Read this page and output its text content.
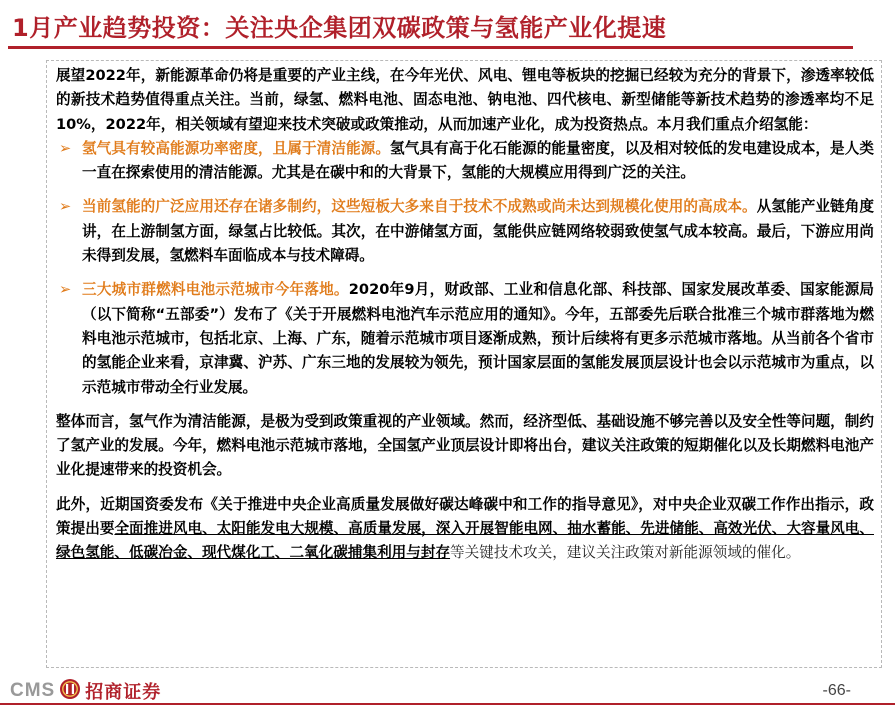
1月产业趋势投资：关注央企集团双碳政策与氢能产业化提速

展望2022年，新能源革命仍将是重要的产业主线，在今年光伏、风电、锂电等板块的挖掘已经较为充分的背景下，渗透率较低的新技术趋势值得重点关注。当前，绿氢、燃料电池、固态电池、钠电池、四代核电、新型储能等新技术趋势的渗透率均不足10%，2022年，相关领域有望迎来技术突破或政策推动，从而加速产业化，成为投资热点。本月我们重点介绍氢能：

➢ 氢气具有较高能源功率密度，且属于清洁能源。氢气具有高于化石能源的能量密度，以及相对较低的发电建设成本，是人类一直在探索使用的清洁能源。尤其是在碳中和的大背景下，氢能的大规模应用得到广泛的关注。
➢ 当前氢能的广泛应用还存在诸多制约，这些短板大多来自于技术不成熟或尚未达到规模化使用的高成本。从氢能产业链角度讲，在上游制氢方面，绿氢占比较低。其次，在中游储氢方面，氢能供应链网络较弱致使氢气成本较高。最后，下游应用尚未得到发展，氢燃料车面临成本与技术障碍。
➢ 三大城市群燃料电池示范城市今年落地。2020年9月，财政部、工业和信息化部、科技部、国家发展改革委、国家能源局（以下简称“五部委”）发布了《关于开展燃料电池汽车示范应用的通知》。今年，五部委先后联合批准三个城市群落地为燃料电池示范城市，包括北京、上海、广东，随着示范城市项目逐渐成熟，预计后续将有更多示范城市落地。从当前各个省市的氢能企业来看，京津冀、沪苏、广东三地的发展较为领先，预计国家层面的氢能发展顶层设计也会以示范城市为重点，以示范城市带动全行业发展。

整体而言，氢气作为清洁能源，是极为受到政策重视的产业领域。然而，经济型低、基础设施不够完善以及安全性等问题，制约了氢产业的发展。今年，燃料电池示范城市落地，全国氢产业顶层设计即将出台，建议关注政策的短期催化以及长期燃料电池产业化提速带来的投资机会。

此外，近期国资委发布《关于推进中央企业高质量发展做好碳达峰碳中和工作的指导意见》，对中央企业双碳工作作出指示，政策提出要全面推进风电、太阳能发电大规模、高质量发展，深入开展智能电网、抽水蓄能、先进储能、高效光伏、大容量风电、绿色氢能、低碳冶金、现代煤化工、二氧化碳捕集利用与封存等关键技术攻关，建议关注政策对新能源领域的催化。

CMS 招商证券	-66-
